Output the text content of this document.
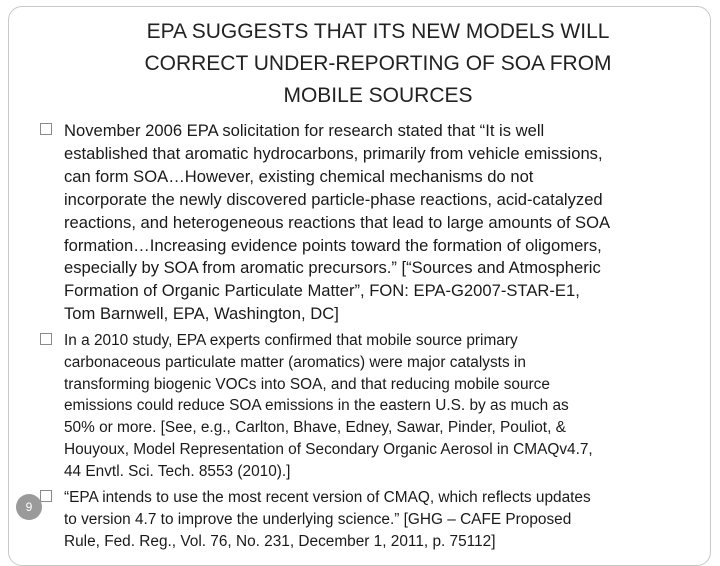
EPA SUGGESTS THAT ITS NEW MODELS WILL
CORRECT UNDER-REPORTING OF SOA FROM
MOBILE SOURCES
November 2006 EPA solicitation for research stated that “It is well
established that aromatic hydrocarbons, primarily from vehicle emissions,
can form SOA…However, existing chemical mechanisms do not
incorporate the newly discovered particle-phase reactions, acid-catalyzed
reactions, and heterogeneous reactions that lead to large amounts of SOA
formation…Increasing evidence points toward the formation of oligomers,
especially by SOA from aromatic precursors.” [“Sources and Atmospheric
Formation of Organic Particulate Matter”, FON: EPA-G2007-STAR-E1,
Tom Barnwell, EPA, Washington, DC]
In a 2010 study, EPA experts confirmed that mobile source primary
carbonaceous particulate matter (aromatics) were major catalysts in
transforming biogenic VOCs into SOA, and that reducing mobile source
emissions could reduce SOA emissions in the eastern U.S. by as much as
50% or more. [See, e.g., Carlton, Bhave, Edney, Sawar, Pinder, Pouliot, &
Houyoux, Model Representation of Secondary Organic Aerosol in CMAQv4.7,
44 Envtl. Sci. Tech. 8553 (2010).]
“EPA intends to use the most recent version of CMAQ, which reflects updates
to version 4.7 to improve the underlying science.” [GHG – CAFE Proposed
Rule, Fed. Reg., Vol. 76, No. 231, December 1, 2011, p. 75112]
9
